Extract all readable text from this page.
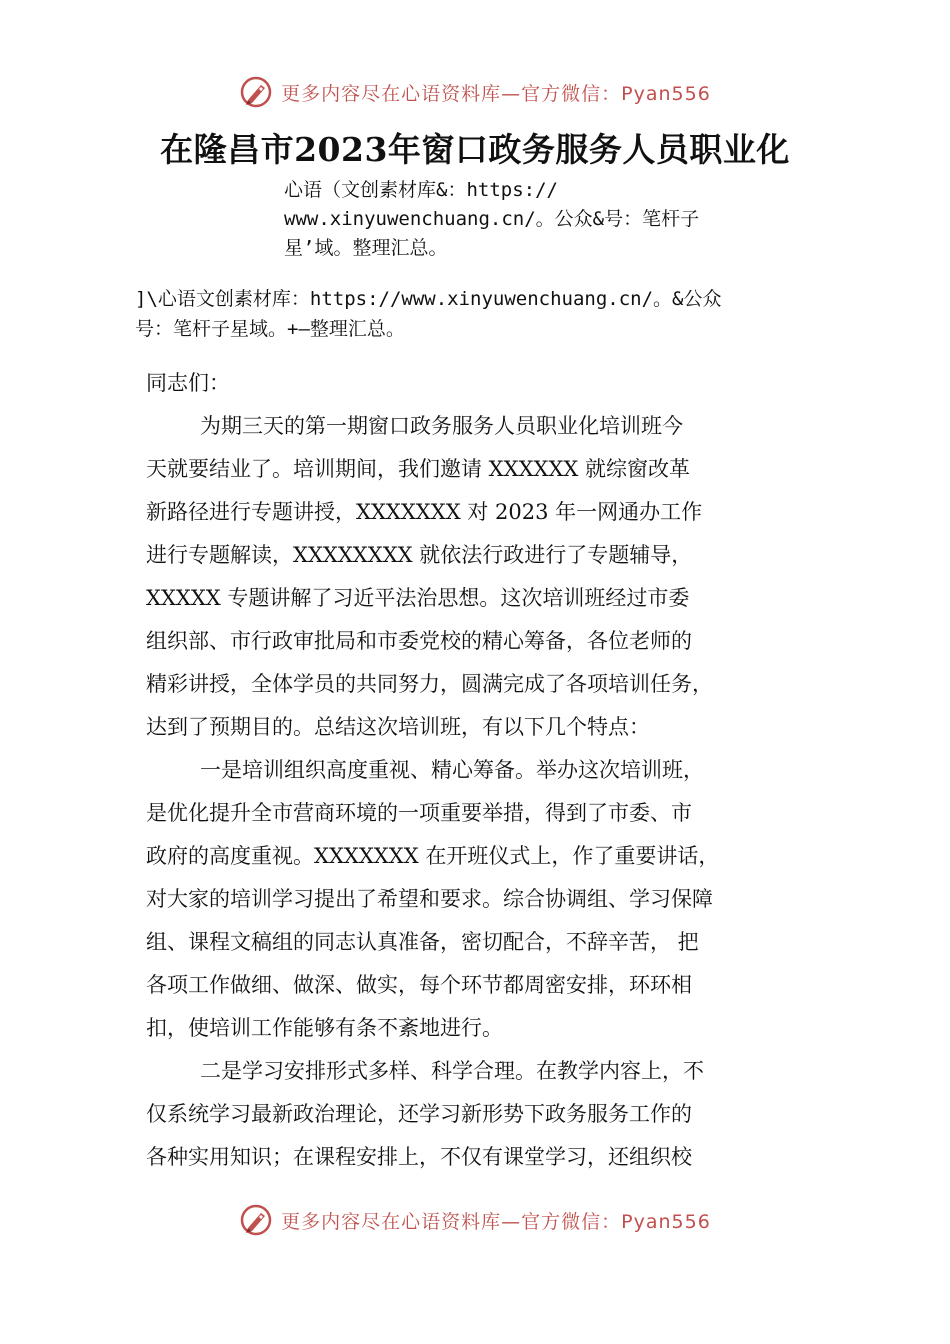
更多内容尽在心语资料库—官方微信：Pyan556
在隆昌市2023年窗口政务服务人员职业化
心语（文创素材库&：https://
www.xinyuwenchuang.cn/。公众&号：笔杆子
星’域。整理汇总。
]\心语文创素材库：https://www.xinyuwenchuang.cn/。&公众
号：笔杆子星域。+—整理汇总。
同志们：
为期三天的第一期窗口政务服务人员职业化培训班今
天就要结业了。培训期间，我们邀请 XXXXXX 就综窗改革
新路径进行专题讲授，XXXXXXX 对 2023 年一网通办工作
进行专题解读，XXXXXXXX 就依法行政进行了专题辅导，
XXXXX 专题讲解了习近平法治思想。这次培训班经过市委
组织部、市行政审批局和市委党校的精心筹备，各位老师的
精彩讲授，全体学员的共同努力，圆满完成了各项培训任务，
达到了预期目的。总结这次培训班，有以下几个特点：
一是培训组织高度重视、精心筹备。举办这次培训班，
是优化提升全市营商环境的一项重要举措，得到了市委、市
政府的高度重视。XXXXXXX 在开班仪式上，作了重要讲话，
对大家的培训学习提出了希望和要求。综合协调组、学习保障
组、课程文稿组的同志认真准备，密切配合，不辞辛苦， 把
各项工作做细、做深、做实，每个环节都周密安排，环环相
扣，使培训工作能够有条不紊地进行。
二是学习安排形式多样、科学合理。在教学内容上，不
仅系统学习最新政治理论，还学习新形势下政务服务工作的
各种实用知识；在课程安排上，不仅有课堂学习，还组织校
更多内容尽在心语资料库—官方微信：Pyan556
